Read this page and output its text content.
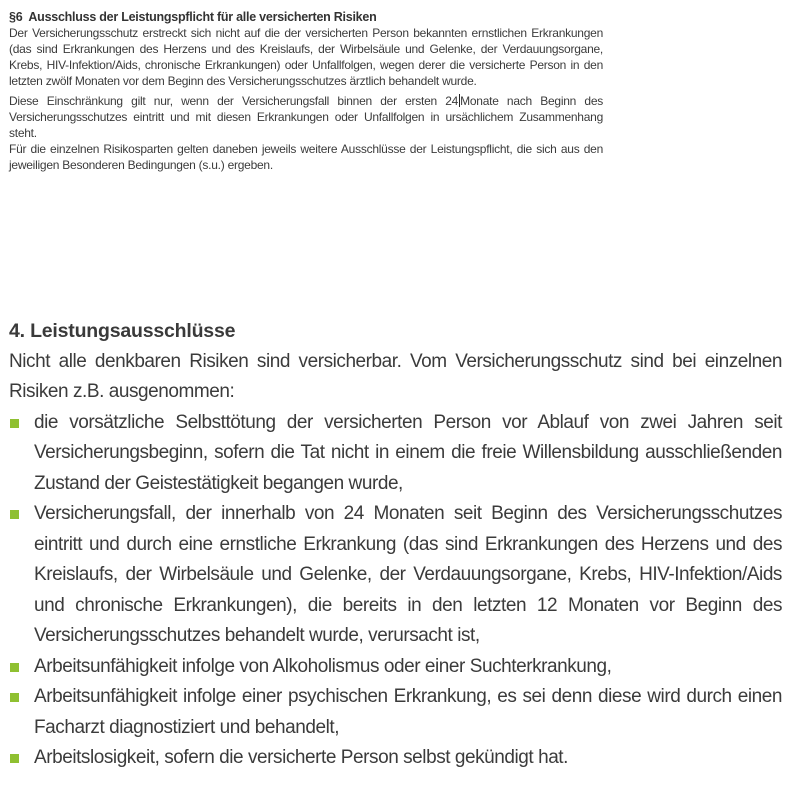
§6 Ausschluss der Leistungspflicht für alle versicherten Risiken

Der Versicherungsschutz erstreckt sich nicht auf die der versicherten Person bekannten ernstlichen Erkrankungen (das sind Erkrankungen des Herzens und des Kreislaufs, der Wirbelsäule und Gelenke, der Verdauungsorgane, Krebs, HIV-Infektion/Aids, chronische Erkrankungen) oder Unfallfolgen, wegen derer die versicherte Person in den letzten zwölf Monaten vor dem Beginn des Versicherungsschutzes ärztlich behandelt wurde.

Diese Einschränkung gilt nur, wenn der Versicherungsfall binnen der ersten 24 Monate nach Beginn des Versicherungsschutzes eintritt und mit diesen Erkrankungen oder Unfallfolgen in ursächlichem Zusammenhang steht.

Für die einzelnen Risikosparten gelten daneben jeweils weitere Ausschlüsse der Leistungspflicht, die sich aus den jeweiligen Besonderen Bedingungen (s.u.) ergeben.

4. Leistungsausschlüsse

Nicht alle denkbaren Risiken sind versicherbar. Vom Versicherungsschutz sind bei einzelnen Risiken z.B. ausgenommen:

die vorsätzliche Selbsttötung der versicherten Person vor Ablauf von zwei Jahren seit Versicherungsbeginn, sofern die Tat nicht in einem die freie Willensbildung ausschließenden Zustand der Geistestätigkeit begangen wurde,
Versicherungsfall, der innerhalb von 24 Monaten seit Beginn des Versicherungsschutzes eintritt und durch eine ernstliche Erkrankung (das sind Erkrankungen des Herzens und des Kreislaufs, der Wirbelsäule und Gelenke, der Verdauungsorgane, Krebs, HIV-Infektion/Aids und chronische Erkrankungen), die bereits in den letzten 12 Monaten vor Beginn des Versicherungsschutzes behandelt wurde, verursacht ist,
Arbeitsunfähigkeit infolge von Alkoholismus oder einer Suchterkrankung,
Arbeitsunfähigkeit infolge einer psychischen Erkrankung, es sei denn diese wird durch einen Facharzt diagnostiziert und behandelt,
Arbeitslosigkeit, sofern die versicherte Person selbst gekündigt hat.
